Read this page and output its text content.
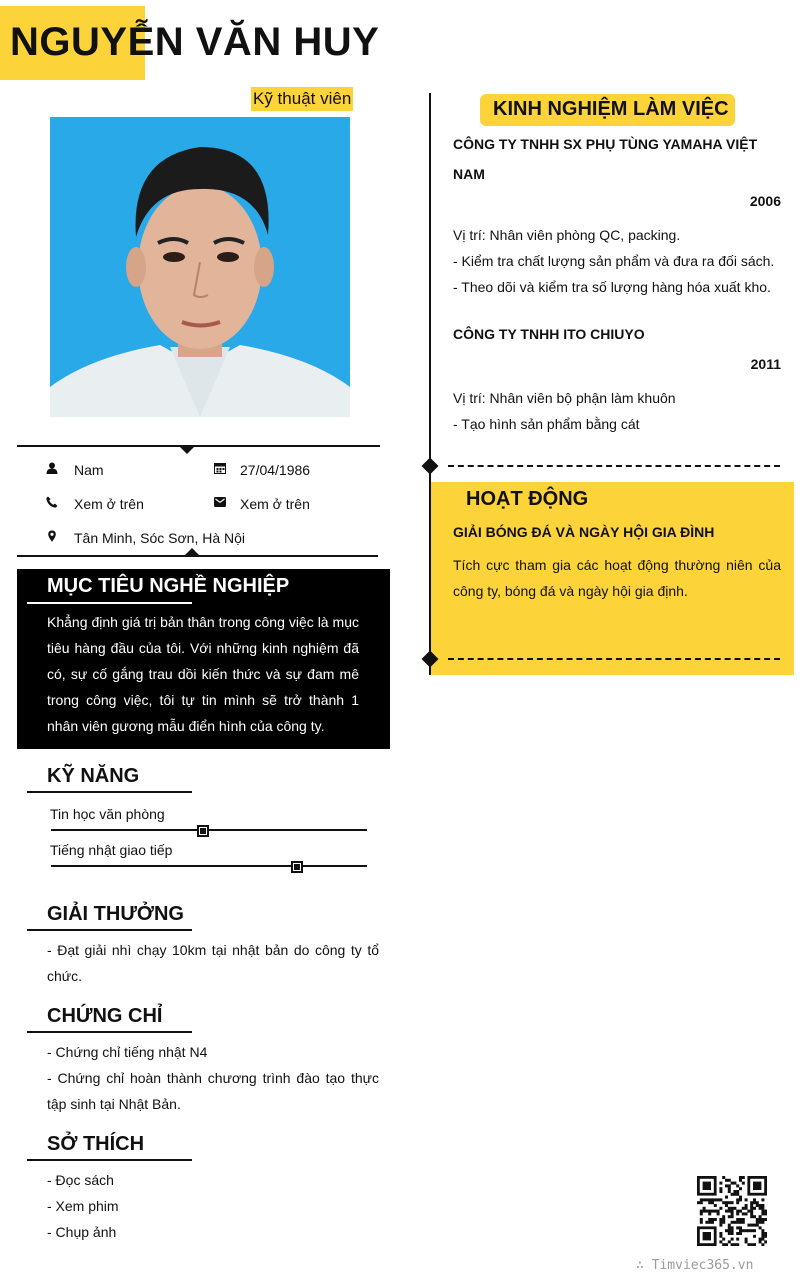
NGUYỄN VĂN HUY
Kỹ thuật viên
Nam	27/04/1986
Xem ở trên	Xem ở trên
Tân Minh, Sóc Sơn, Hà Nội
MỤC TIÊU NGHỀ NGHIỆP
Khẳng định giá trị bản thân trong công việc là mục tiêu hàng đầu của tôi. Với những kinh nghiệm đã có, sự cố gắng trau dồi kiến thức và sự đam mê trong công việc, tôi tự tin mình sẽ trở thành 1 nhân viên gương mẫu điển hình của công ty.
KỸ NĂNG
Tin học văn phòng
Tiếng nhật giao tiếp
GIẢI THƯỞNG
- Đạt giải nhì chạy 10km tại nhật bản do công ty tổ chức.
CHỨNG CHỈ
- Chứng chỉ tiếng nhật N4
- Chứng chỉ hoàn thành chương trình đào tạo thực tập sinh tại Nhật Bản.
SỞ THÍCH
- Đọc sách
- Xem phim
- Chụp ảnh
KINH NGHIỆM LÀM VIỆC
CÔNG TY TNHH SX PHỤ TÙNG YAMAHA VIỆT NAM
2006
Vị trí: Nhân viên phòng QC, packing.
- Kiểm tra chất lượng sản phẩm và đưa ra đối sách.
- Theo dõi và kiểm tra số lượng hàng hóa xuất kho.
CÔNG TY TNHH ITO CHIUYO
2011
Vị trí: Nhân viên bộ phận làm khuôn
- Tạo hình sản phẩm bằng cát
HOẠT ĐỘNG
GIẢI BÓNG ĐÁ VÀ NGÀY HỘI GIA ĐÌNH
Tích cực tham gia các hoạt động thường niên của công ty, bóng đá và ngày hội gia định.
∴ Timviec365.vn
